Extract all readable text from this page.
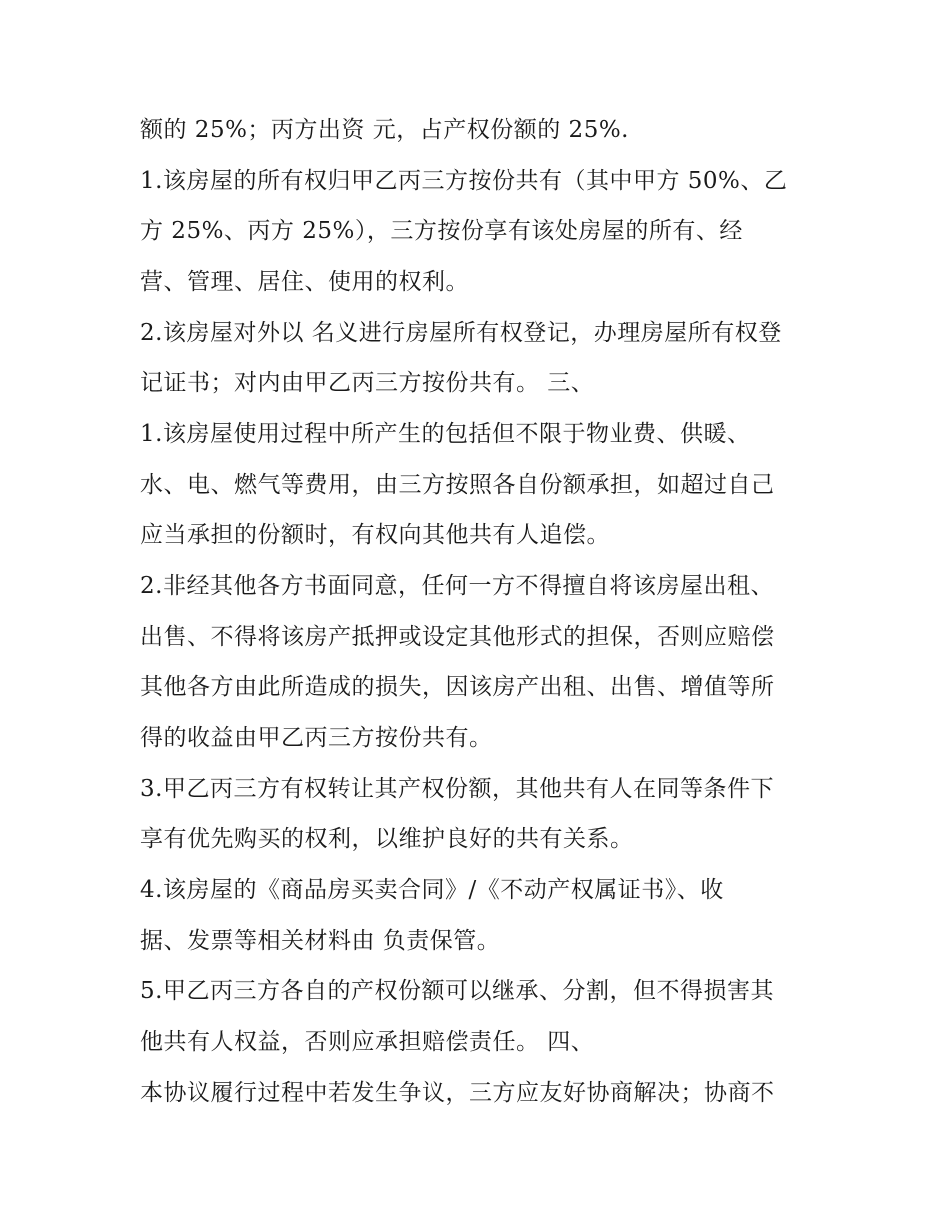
额的 25%；丙方出资 元，占产权份额的 25%.
1.该房屋的所有权归甲乙丙三方按份共有（其中甲方 50%、乙
方 25%、丙方 25%），三方按份享有该处房屋的所有、经
营、管理、居住、使用的权利。
2.该房屋对外以 名义进行房屋所有权登记，办理房屋所有权登
记证书；对内由甲乙丙三方按份共有。 三、
1.该房屋使用过程中所产生的包括但不限于物业费、供暖、
水、电、燃气等费用，由三方按照各自份额承担，如超过自己
应当承担的份额时，有权向其他共有人追偿。
2.非经其他各方书面同意，任何一方不得擅自将该房屋出租、
出售、不得将该房产抵押或设定其他形式的担保，否则应赔偿
其他各方由此所造成的损失，因该房产出租、出售、增值等所
得的收益由甲乙丙三方按份共有。
3.甲乙丙三方有权转让其产权份额，其他共有人在同等条件下
享有优先购买的权利，以维护良好的共有关系。
4.该房屋的《商品房买卖合同》/《不动产权属证书》、收
据、发票等相关材料由 负责保管。
5.甲乙丙三方各自的产权份额可以继承、分割，但不得损害其
他共有人权益，否则应承担赔偿责任。 四、
本协议履行过程中若发生争议，三方应友好协商解决；协商不
